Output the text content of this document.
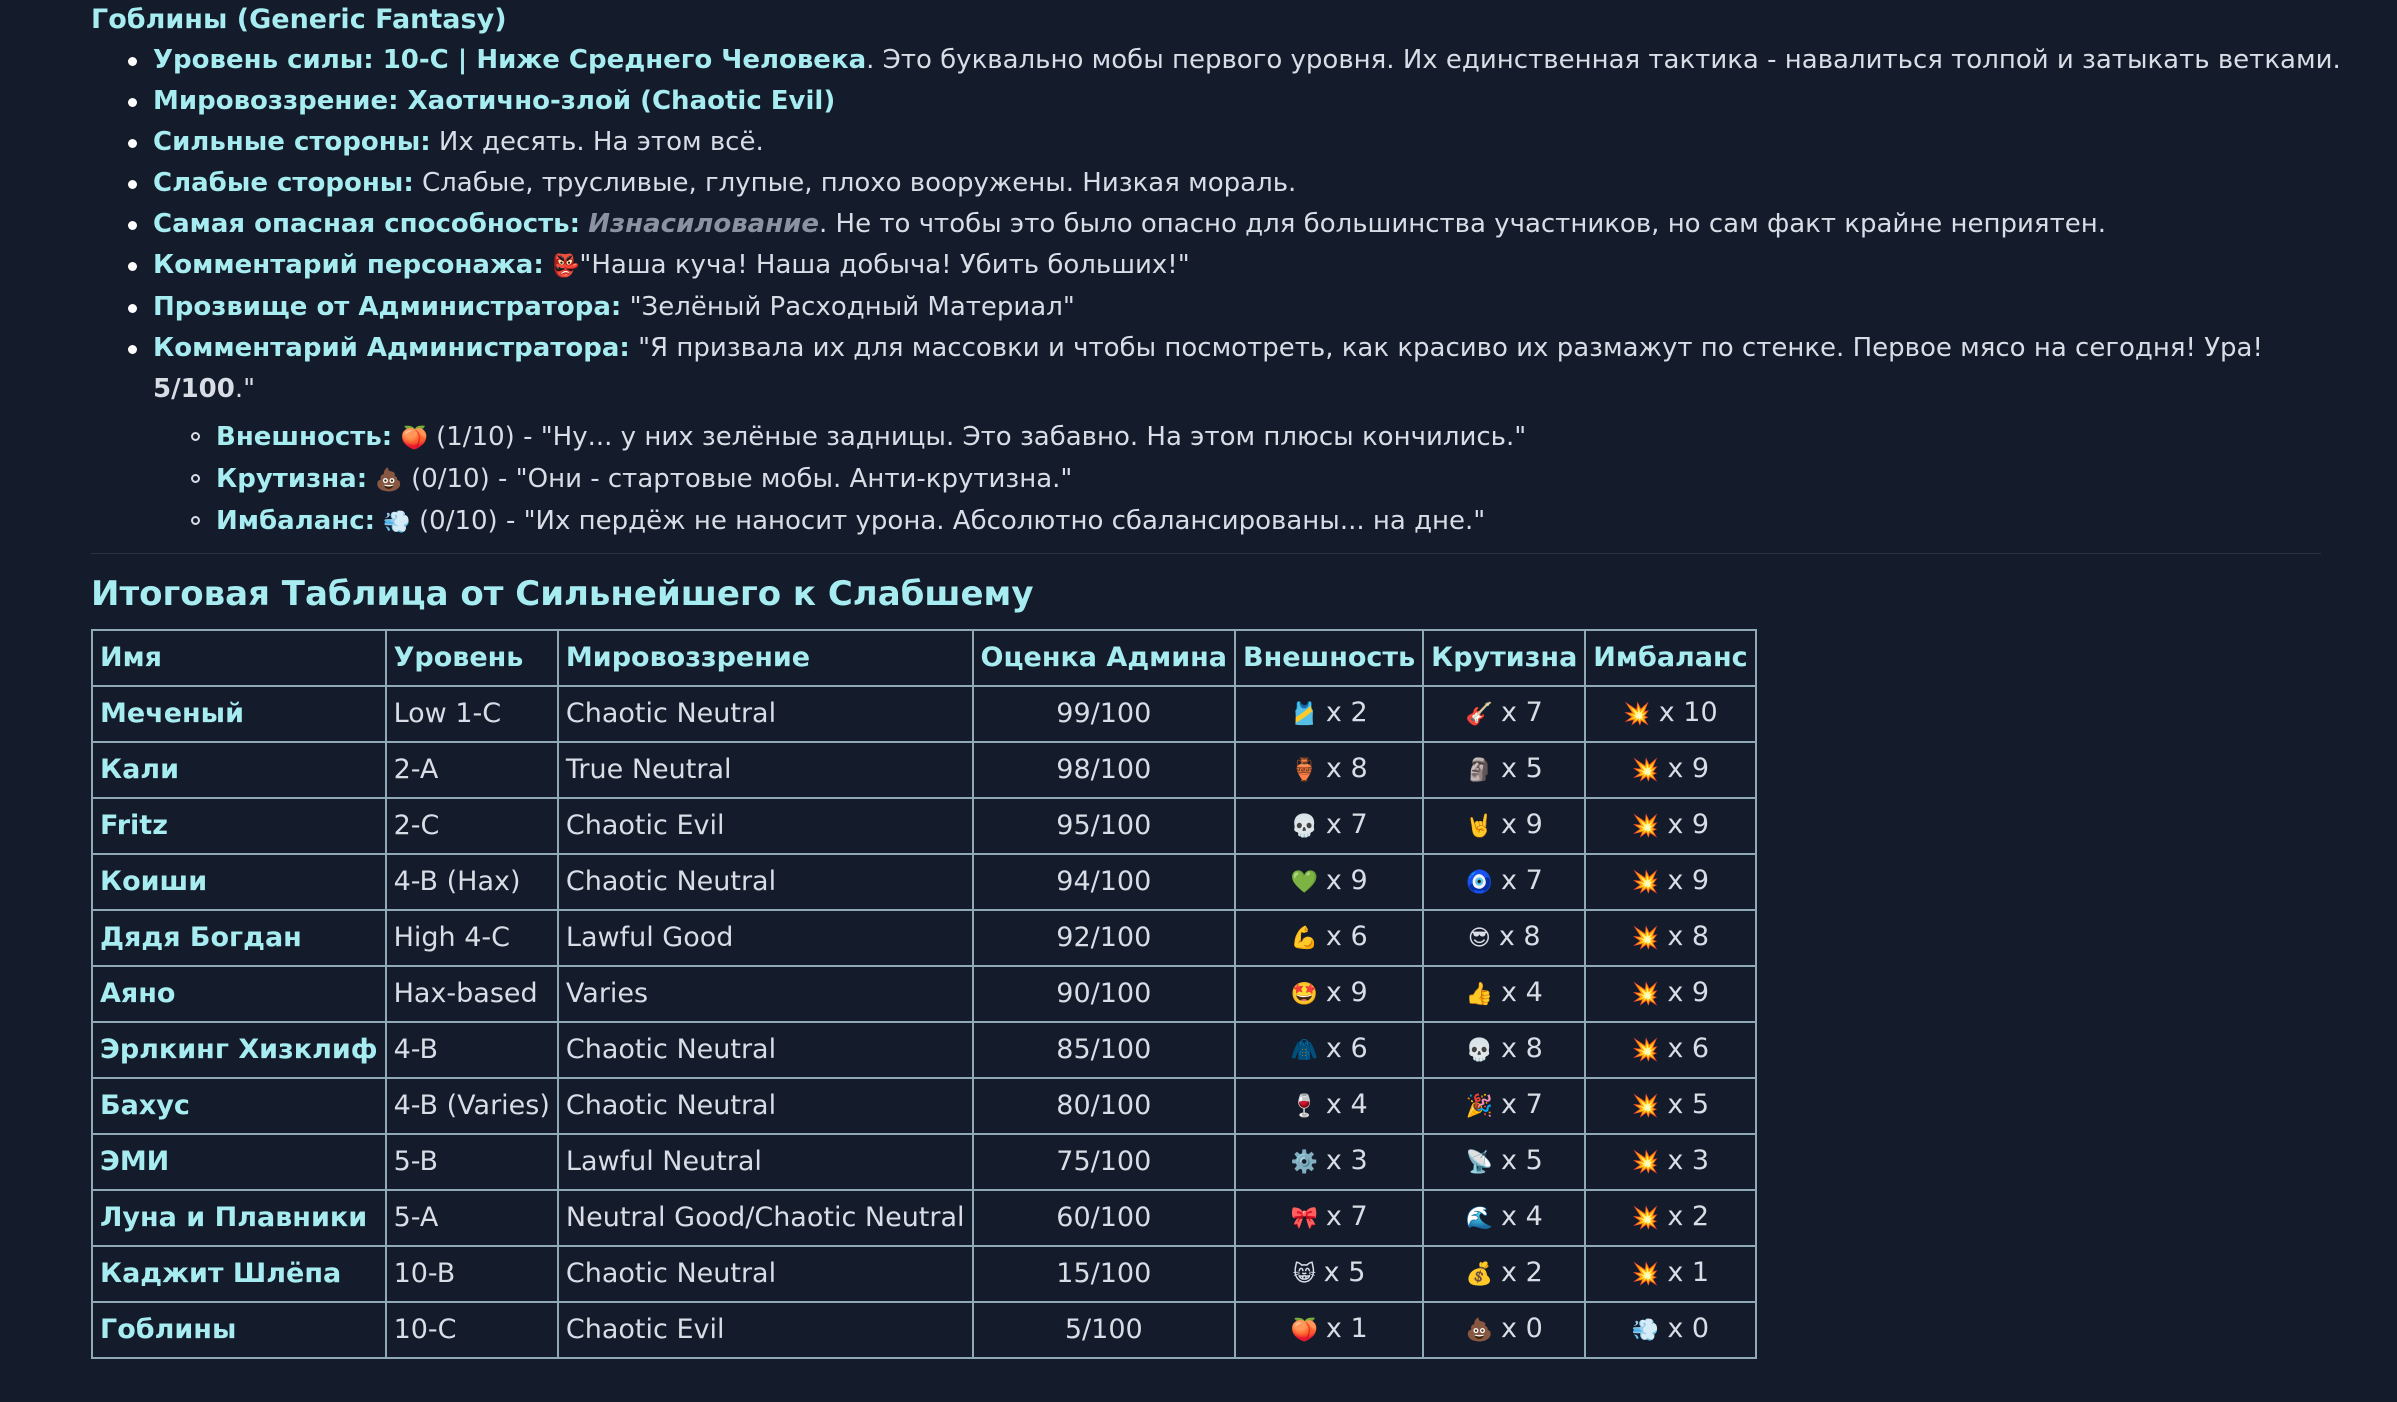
Гоблины (Generic Fantasy)
Уровень силы: 10-C | Ниже Среднего Человека. Это буквально мобы первого уровня. Их единственная тактика - навалиться толпой и затыкать ветками.
Мировоззрение: Хаотично-злой (Chaotic Evil)
Сильные стороны: Их десять. На этом всё.
Слабые стороны: Слабые, трусливые, глупые, плохо вооружены. Низкая мораль.
Самая опасная способность: Изнасилование. Не то чтобы это было опасно для большинства участников, но сам факт крайне неприятен.
Комментарий персонажа: 👺"Наша куча! Наша добыча! Убить больших!"
Прозвище от Администратора: "Зелёный Расходный Материал"
Комментарий Администратора: "Я призвала их для массовки и чтобы посмотреть, как красиво их размажут по стенке. Первое мясо на сегодня! Ура! 5/100."
Внешность: 🍑 (1/10) - "Ну... у них зелёные задницы. Это забавно. На этом плюсы кончились."
Крутизна: 💩 (0/10) - "Они - стартовые мобы. Анти-крутизна."
Имбаланс: 💨 (0/10) - "Их пердёж не наносит урона. Абсолютно сбалансированы... на дне."
Итоговая Таблица от Сильнейшего к Слабшему
Имя	Уровень	Мировоззрение	Оценка Админа	Внешность	Крутизна	Имбаланс
Меченый	Low 1-C	Chaotic Neutral	99/100	🎽 x 2	🎸 x 7	💥 x 10
Кали	2-A	True Neutral	98/100	🏺 x 8	🗿 x 5	💥 x 9
Fritz	2-C	Chaotic Evil	95/100	💀 x 7	🤘 x 9	💥 x 9
Коиши	4-B (Hax)	Chaotic Neutral	94/100	💚 x 9	🧿 x 7	💥 x 9
Дядя Богдан	High 4-C	Lawful Good	92/100	💪 x 6	😎 x 8	💥 x 8
Аяно	Hax-based	Varies	90/100	🤩 x 9	👍 x 4	💥 x 9
Эрлкинг Хизклиф	4-B	Chaotic Neutral	85/100	🧥 x 6	💀 x 8	💥 x 6
Бахус	4-B (Varies)	Chaotic Neutral	80/100	🍷 x 4	🎉 x 7	💥 x 5
ЭМИ	5-B	Lawful Neutral	75/100	⚙️ x 3	📡 x 5	💥 x 3
Луна и Плавники	5-A	Neutral Good/Chaotic Neutral	60/100	🎀 x 7	🌊 x 4	💥 x 2
Каджит Шлёпа	10-B	Chaotic Neutral	15/100	😸 x 5	💰 x 2	💥 x 1
Гоблины	10-C	Chaotic Evil	5/100	🍑 x 1	💩 x 0	💨 x 0
